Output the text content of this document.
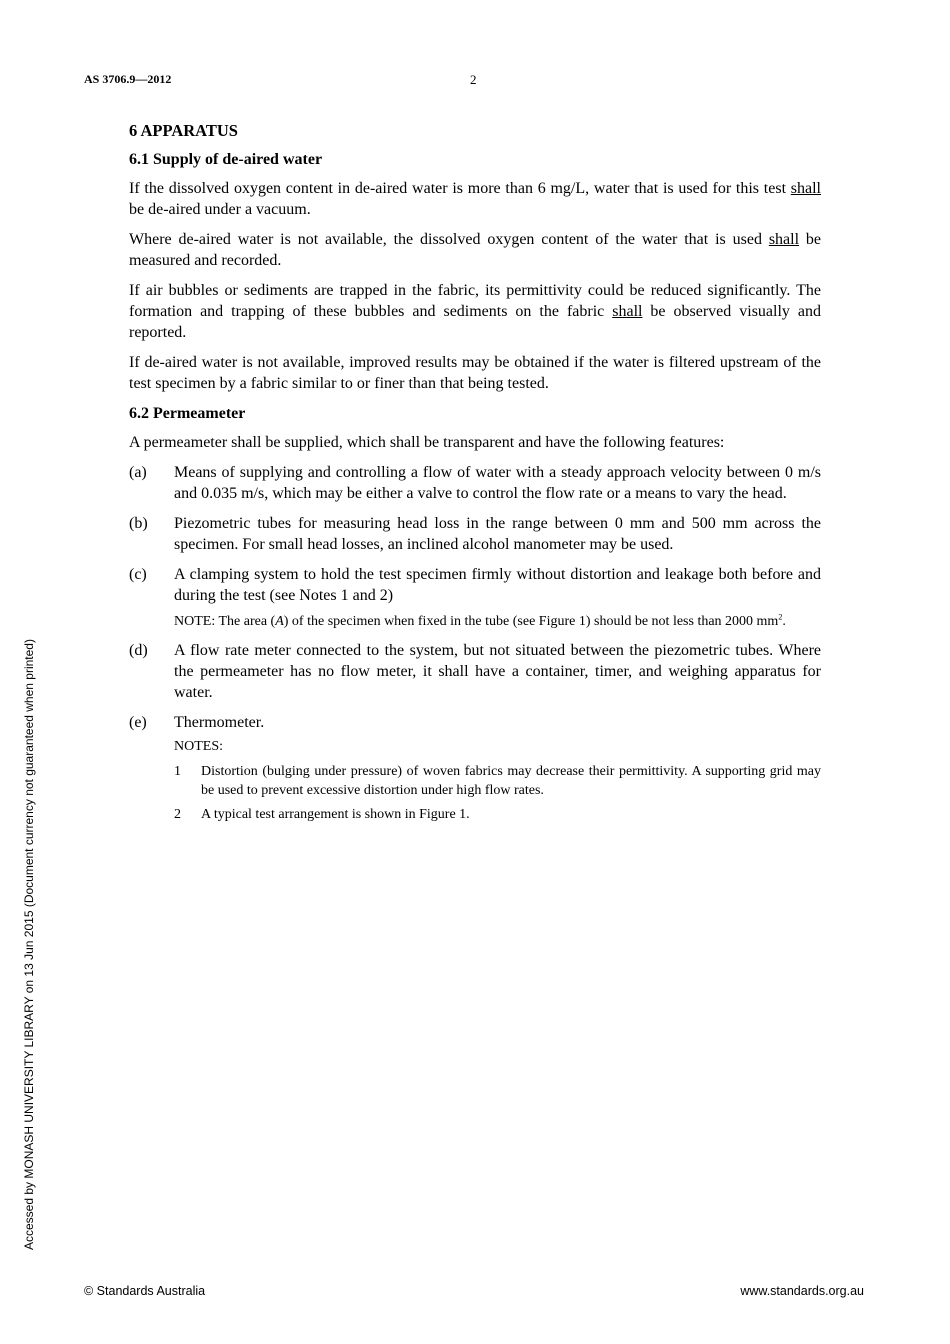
AS 3706.9—2012	2
6 APPARATUS
6.1 Supply of de-aired water
If the dissolved oxygen content in de-aired water is more than 6 mg/L, water that is used for this test shall be de-aired under a vacuum.
Where de-aired water is not available, the dissolved oxygen content of the water that is used shall be measured and recorded.
If air bubbles or sediments are trapped in the fabric, its permittivity could be reduced significantly. The formation and trapping of these bubbles and sediments on the fabric shall be observed visually and reported.
If de-aired water is not available, improved results may be obtained if the water is filtered upstream of the test specimen by a fabric similar to or finer than that being tested.
6.2 Permeameter
A permeameter shall be supplied, which shall be transparent and have the following features:
(a)	Means of supplying and controlling a flow of water with a steady approach velocity between 0 m/s and 0.035 m/s, which may be either a valve to control the flow rate or a means to vary the head.
(b)	Piezometric tubes for measuring head loss in the range between 0 mm and 500 mm across the specimen. For small head losses, an inclined alcohol manometer may be used.
(c)	A clamping system to hold the test specimen firmly without distortion and leakage both before and during the test (see Notes 1 and 2)
NOTE: The area (A) of the specimen when fixed in the tube (see Figure 1) should be not less than 2000 $mm^2$.
(d)	A flow rate meter connected to the system, but not situated between the piezometric tubes. Where the permeameter has no flow meter, it shall have a container, timer, and weighing apparatus for water.
(e)	Thermometer.
NOTES:
1	Distortion (bulging under pressure) of woven fabrics may decrease their permittivity. A supporting grid may be used to prevent excessive distortion under high flow rates.
2	A typical test arrangement is shown in Figure 1.
Accessed by MONASH UNIVERSITY LIBRARY on 13 Jun 2015 (Document currency not guaranteed when printed)
© Standards Australia	www.standards.org.au
